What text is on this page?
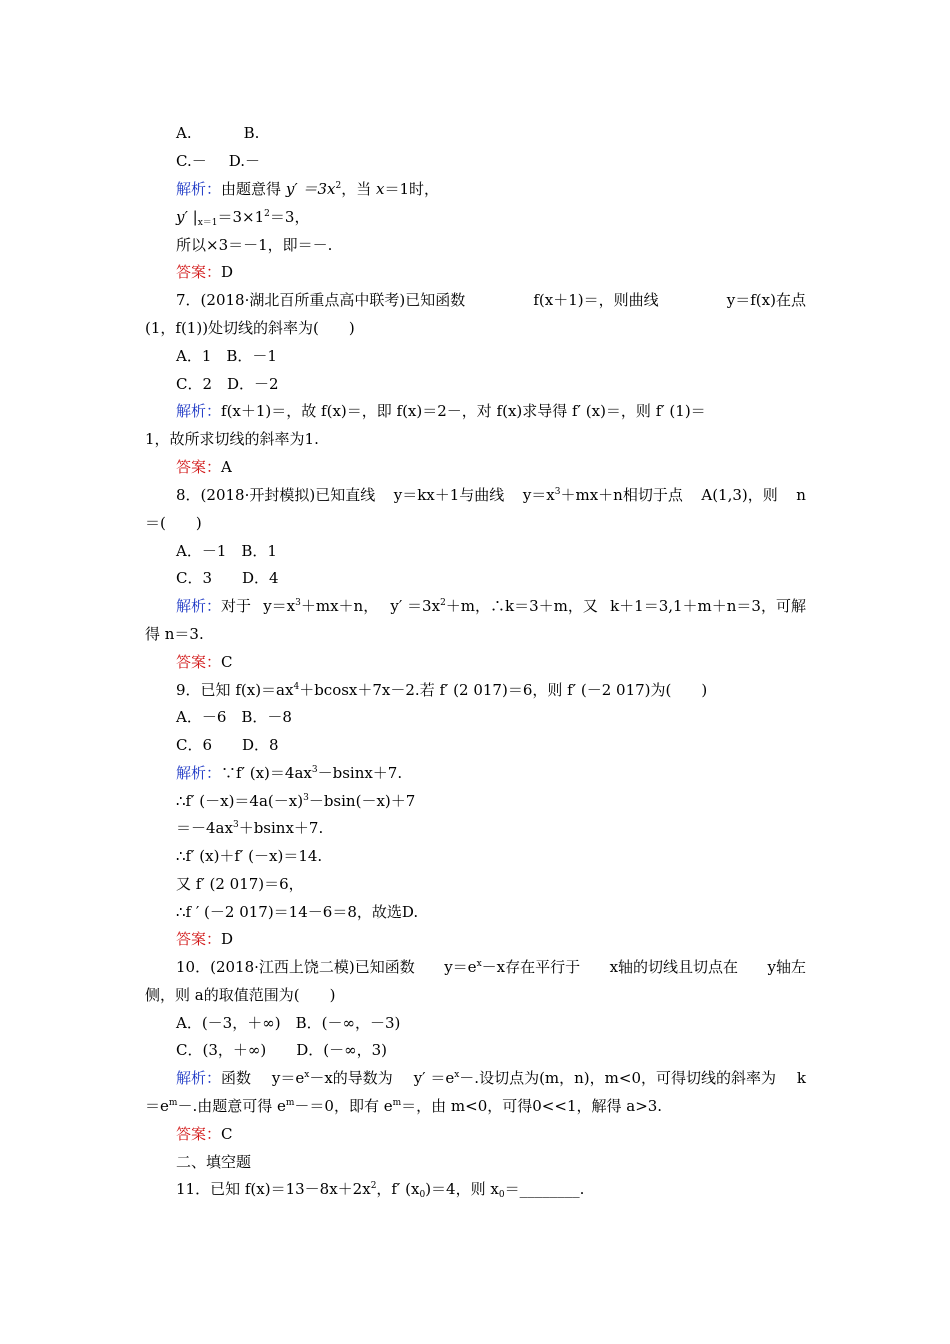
A.	B.
C.－ D.－
解析：由题意得 $y' =3x^2$，当 x＝1时，
y′ $|_{x=1}=3\times 1^2=3$，
所以×3＝－1，即＝－.
答案：D
7．(2018·湖北百所重点高中联考)已知函数	f(x＋1)＝，则曲线	y＝f(x)在点
(1，f(1))处切线的斜率为(　　)
A．1　B．－1
C．2　D．－2
解析： f(x＋1)＝，故 f(x)＝，即 f(x)＝2－，对 f(x)求导得 f′ (x)＝，则 f′ (1)＝
1，故所求切线的斜率为1.
答案：A
8．(2018·开封模拟)已知直线 y＝kx＋1与曲线 $y=x^3+mx+n$相切于点 A(1,3)，则 n
＝(　　)
A．－1　B．1
C．3　　D．4
解析：对于 $y=x^3+mx+n$， $y' =3x^2+m$，∴k＝3＋m，又 k＋1＝3,1＋m＋n＝3，可解
得 n＝3.
答案：C
9．已知 $f(x)=ax^4+bcosx+7x-2$.若 f′ (2 017)＝6，则 f′ (－2 017)为(　　)
A．－6　B．－8
C．6　　D．8
解析：∵f′ $(x)=4ax^3-bsinx+7$.
∴f′ $(-x)=4a(-x)^3-bsin(-x)+7$
$=-4ax^3+bsinx+7$.
∴f′ (x)＋f′ (－x)＝14.
又 f′ (2 017)＝6，
∴f ′ (－2 017)＝14－6＝8，故选D.
答案：D
10．(2018·江西上饶二模)已知函数 $y=e^x-x$存在平行于 x轴的切线且切点在 y轴左
侧，则 a的取值范围为(　　)
A．(－3，＋∞)　B．(－∞，－3)
C．(3，＋∞)　　D．(－∞，3)
解析：函数 $y=e^x-x$的导数为 $y' =e^x-$.设切点为(m，n)，m<0，可得切线的斜率为 k
$=e^m-$.由题意可得 $e^m-=0$，即有 $e^m=$，由 m<0，可得0<<1，解得 a>3.
答案：C
二、填空题
11．已知 $f(x)=13-8x+2x^2$，f′ $(x_0)=4$，则 $x_0=\_\_\_\_\_\_\_\_$.
